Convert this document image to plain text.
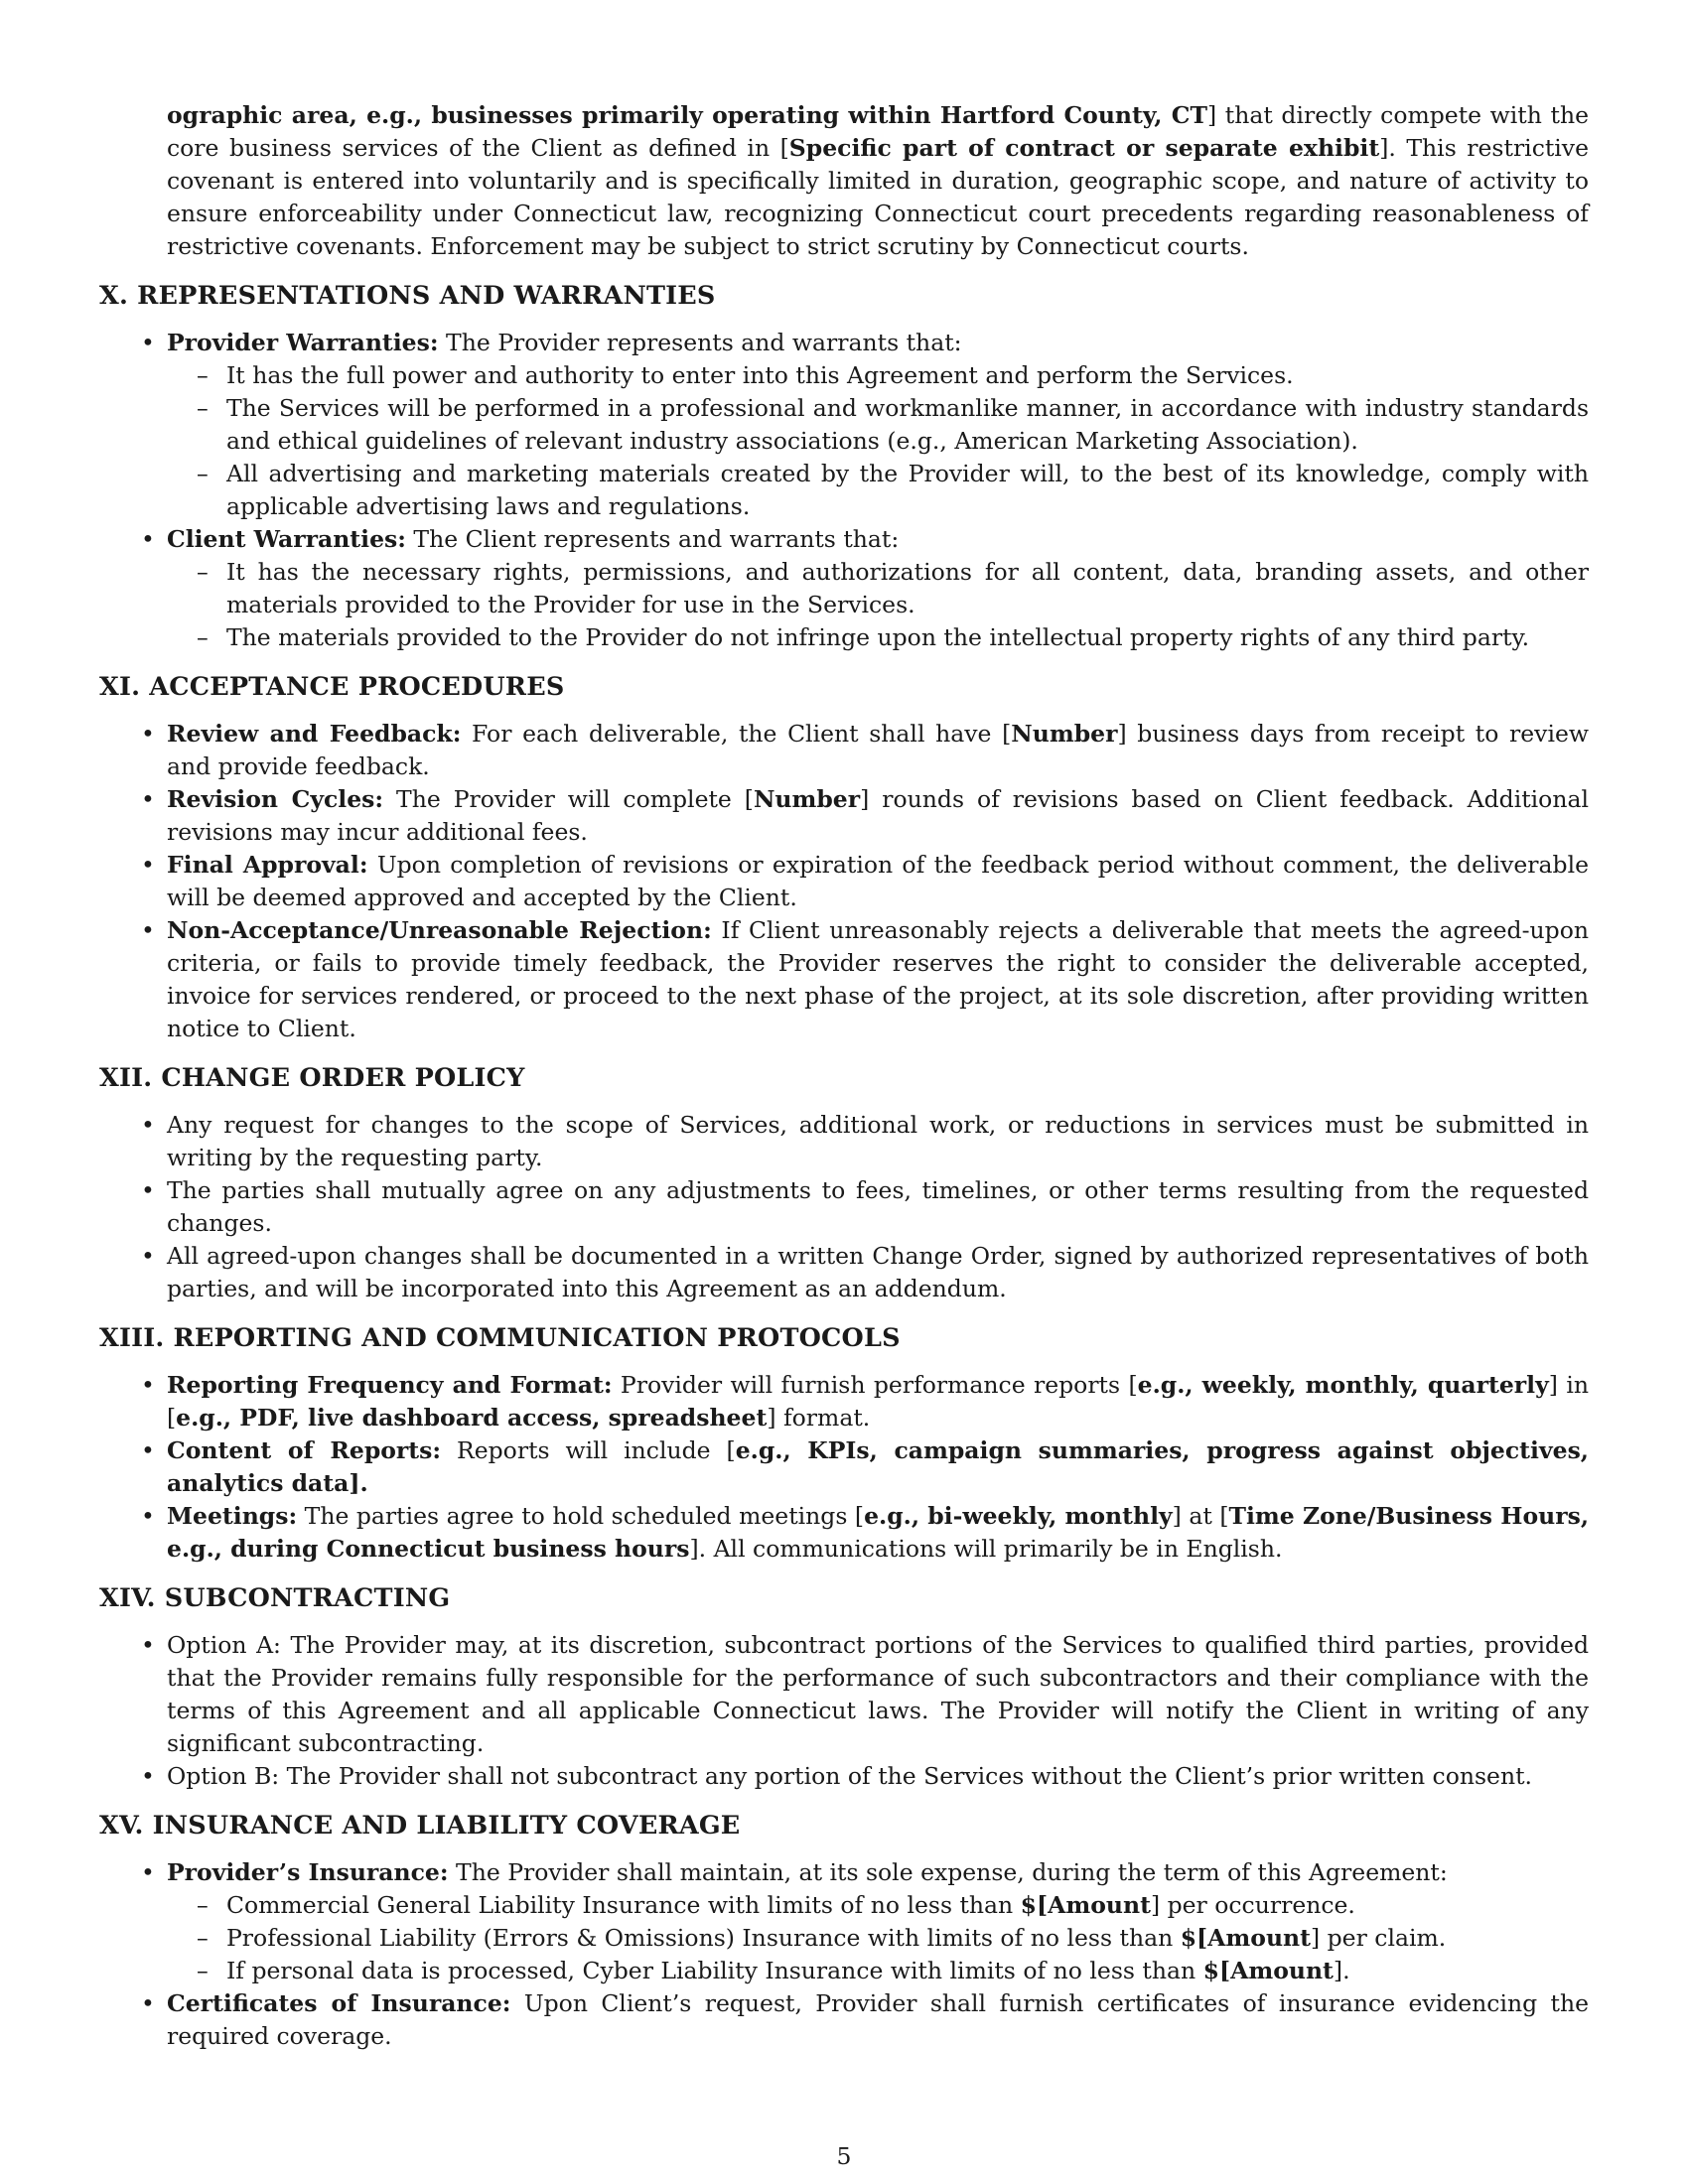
ographic area, e.g., businesses primarily operating within Hartford County, CT] that directly compete with the core business services of the Client as defined in [Specific part of contract or separate exhibit]. This restrictive covenant is entered into voluntarily and is specifically limited in duration, geographic scope, and nature of activity to ensure enforceability under Connecticut law, recognizing Connecticut court precedents regarding reasonableness of restrictive covenants. Enforcement may be subject to strict scrutiny by Connecticut courts.

X. REPRESENTATIONS AND WARRANTIES
• Provider Warranties: The Provider represents and warrants that:
– It has the full power and authority to enter into this Agreement and perform the Services.
– The Services will be performed in a professional and workmanlike manner, in accordance with industry standards and ethical guidelines of relevant industry associations (e.g., American Marketing Association).
– All advertising and marketing materials created by the Provider will, to the best of its knowledge, comply with applicable advertising laws and regulations.
• Client Warranties: The Client represents and warrants that:
– It has the necessary rights, permissions, and authorizations for all content, data, branding assets, and other materials provided to the Provider for use in the Services.
– The materials provided to the Provider do not infringe upon the intellectual property rights of any third party.
XI. ACCEPTANCE PROCEDURES
• Review and Feedback: For each deliverable, the Client shall have [Number] business days from receipt to review and provide feedback.
• Revision Cycles: The Provider will complete [Number] rounds of revisions based on Client feedback. Additional revisions may incur additional fees.
• Final Approval: Upon completion of revisions or expiration of the feedback period without comment, the deliverable will be deemed approved and accepted by the Client.
• Non-Acceptance/Unreasonable Rejection: If Client unreasonably rejects a deliverable that meets the agreed-upon criteria, or fails to provide timely feedback, the Provider reserves the right to consider the deliverable accepted, invoice for services rendered, or proceed to the next phase of the project, at its sole discretion, after providing written notice to Client.
XII. CHANGE ORDER POLICY
• Any request for changes to the scope of Services, additional work, or reductions in services must be submitted in writing by the requesting party.
• The parties shall mutually agree on any adjustments to fees, timelines, or other terms resulting from the requested changes.
• All agreed-upon changes shall be documented in a written Change Order, signed by authorized representatives of both parties, and will be incorporated into this Agreement as an addendum.
XIII. REPORTING AND COMMUNICATION PROTOCOLS
• Reporting Frequency and Format: Provider will furnish performance reports [e.g., weekly, monthly, quarterly] in [e.g., PDF, live dashboard access, spreadsheet] format.
• Content of Reports: Reports will include [e.g., KPIs, campaign summaries, progress against objectives, analytics data].
• Meetings: The parties agree to hold scheduled meetings [e.g., bi-weekly, monthly] at [Time Zone/Business Hours, e.g., during Connecticut business hours]. All communications will primarily be in English.
XIV. SUBCONTRACTING
• Option A: The Provider may, at its discretion, subcontract portions of the Services to qualified third parties, provided that the Provider remains fully responsible for the performance of such subcontractors and their compliance with the terms of this Agreement and all applicable Connecticut laws. The Provider will notify the Client in writing of any significant subcontracting.
• Option B: The Provider shall not subcontract any portion of the Services without the Client’s prior written consent.
XV. INSURANCE AND LIABILITY COVERAGE
• Provider’s Insurance: The Provider shall maintain, at its sole expense, during the term of this Agreement:
– Commercial General Liability Insurance with limits of no less than $[Amount] per occurrence.
– Professional Liability (Errors & Omissions) Insurance with limits of no less than $[Amount] per claim.
– If personal data is processed, Cyber Liability Insurance with limits of no less than $[Amount].
• Certificates of Insurance: Upon Client’s request, Provider shall furnish certificates of insurance evidencing the required coverage.
5
